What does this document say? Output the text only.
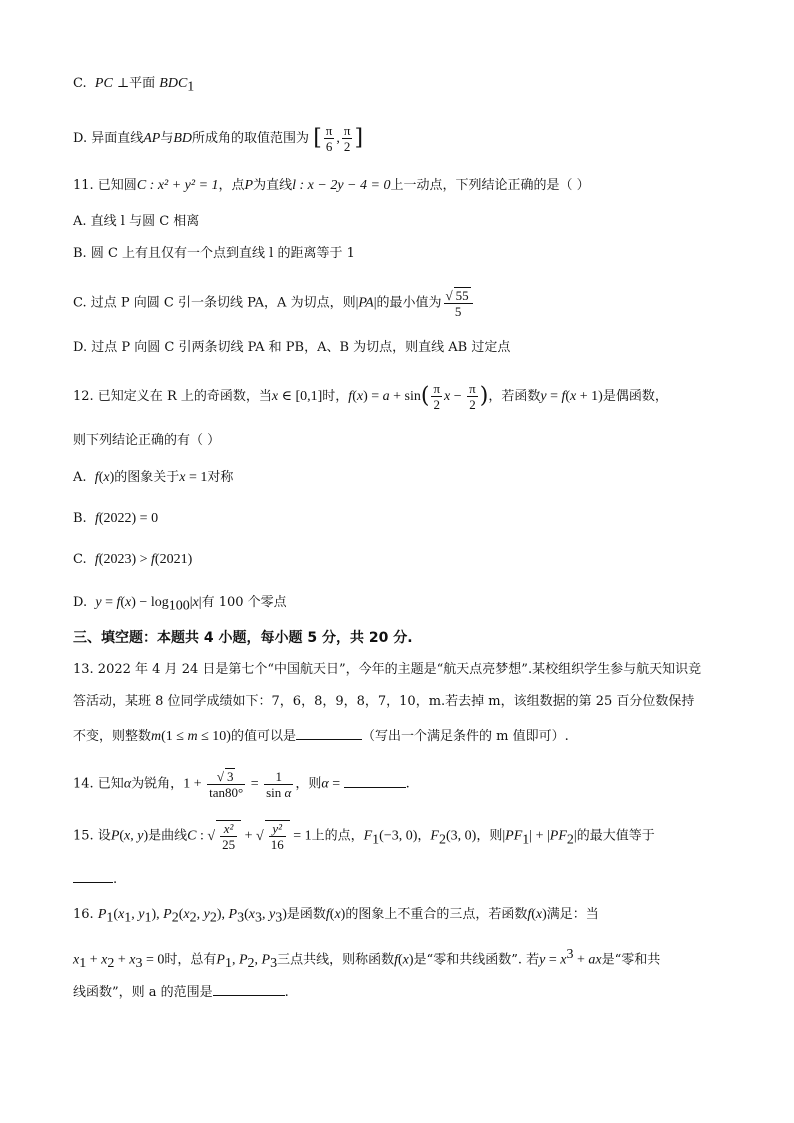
C.  PC ⊥平面 $BDC_1$
D. 异面直线AP与BD所成角的取值范围为 [ $\frac{\pi}{6}$ , $\frac{\pi}{2}$ ]
11. 已知圆C : x² + y² = 1，点P为直线l : x − 2y − 4 = 0上一动点，下列结论正确的是（ ）
A. 直线 l 与圆 C 相离
B. 圆 C 上有且仅有一个点到直线 l 的距离等于 1
C. 过点 P 向圆 C 引一条切线 PA，A 为切点，则|PA|的最小值为 $\frac{√ 55}{5}$
D. 过点 P 向圆 C 引两条切线 PA 和 PB，A、B 为切点，则直线 AB 过定点
12. 已知定义在 R 上的奇函数，当x ∈ [0,1]时，$f(x) = a + \sin( \frac{\pi}{2}$ $x - \frac{\pi}{2}$ )，若函数y = f(x + 1)是偶函数，
则下列结论正确的有（ ）
A.  f(x)的图象关于x = 1对称
B.  f(2022) = 0
C.  f(2023) > f(2021)
D.  $y = f(x) - \log_{100}|x|$有 100 个零点
三、填空题：本题共 4 小题，每小题 5 分，共 20 分.
13. 2022 年 4 月 24 日是第七个“中国航天日”，今年的主题是“航天点亮梦想”.某校组织学生参与航天知识竞
答活动，某班 8 位同学成绩如下：7，6，8，9，8，7，10，m.若去掉 m，该组数据的第 25 百分位数保持
不变，则整数m(1 ≤ m ≤ 10)的值可以是	（写出一个满足条件的 m 值即可）.
14. 已知α为锐角，$1 + \frac{√ 3}{\tan 80^\circ} = \frac{1}{\text{sin α}}$ ，则α =	.
15. 设P(x, y)是曲线C : √ $\frac{\text{x²}}{25}$ + √ $\frac{\text{y²}}{16} = 1$上的点，$F_1(-3$, 0)，$F_2(3$, 0)，则$|PF_1| + |PF_2|$的最大值等于
.
16. $P_1(x_1$, $y_1$), $P_2(x_2$, $y_2$), $P_3(x_3$, $y_3$)是函数f(x)的图象上不重合的三点，若函数f(x)满足：当
$x_1 + x_2 + x_3 = 0$时，总有$P_1$, $P_2$, $P_3$三点共线，则称函数f(x)是“零和共线函数”. 若$y = x^3$ + ax是“零和共
线函数”，则 a 的范围是	.
